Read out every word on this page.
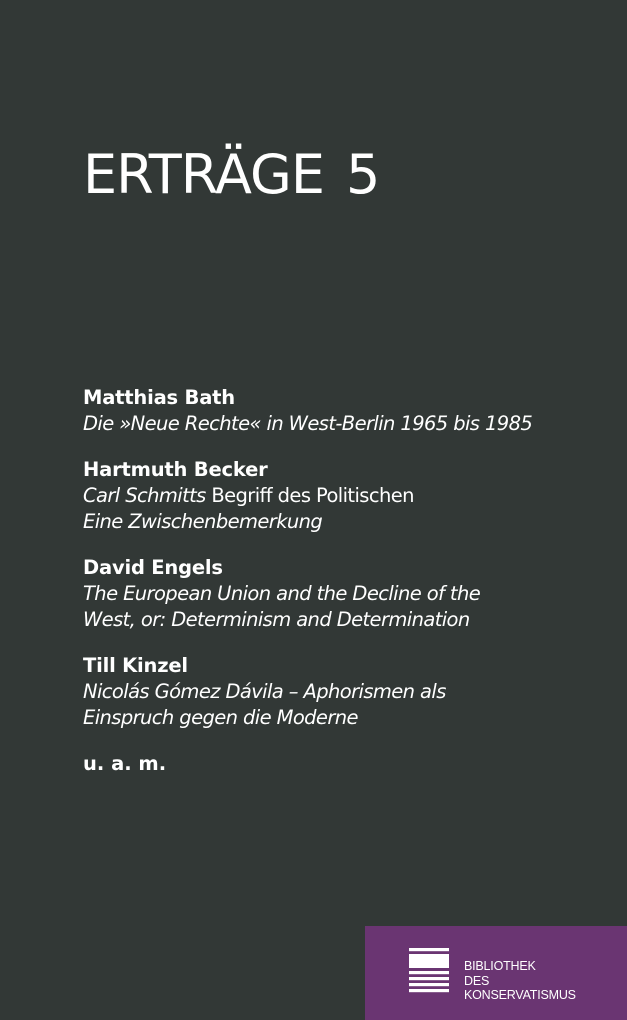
ERTRÄGE 5
Matthias Bath
Die »Neue Rechte« in West-Berlin 1965 bis 1985
Hartmuth Becker
Carl Schmitts Begriff des Politischen
Eine Zwischenbemerkung
David Engels
The European Union and the Decline of the
West, or: Determinism and Determination
Till Kinzel
Nicolás Gómez Dávila – Aphorismen als
Einspruch gegen die Moderne
u. a. m.
BIBLIOTHEK
DES
KONSERVATISMUS
